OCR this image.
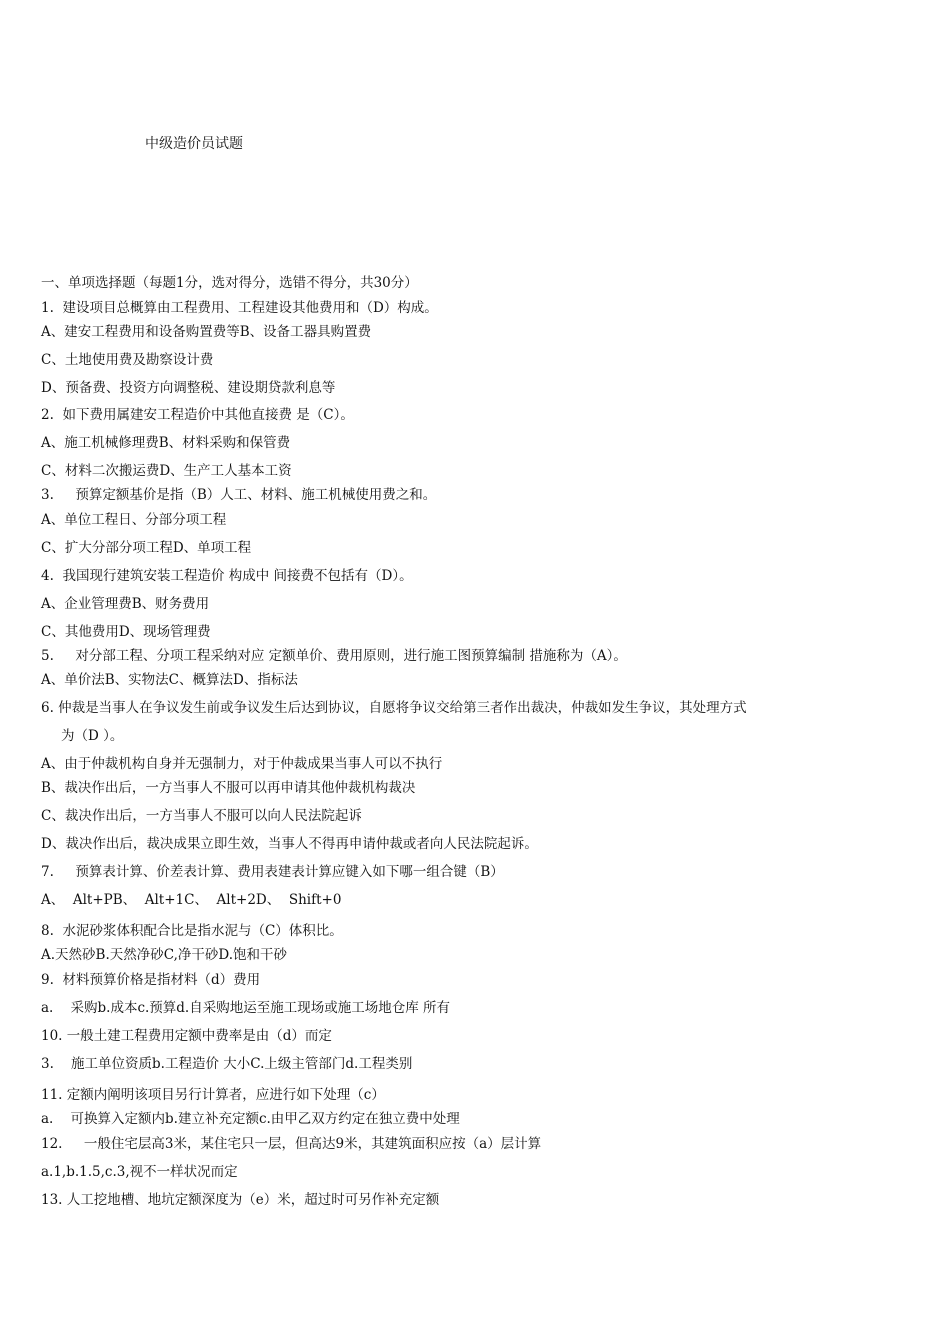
中级造价员试题
一、单项选择题（每题1分，选对得分，选错不得分，共30分）
1.  建设项目总概算由工程费用、工程建设其他费用和（D）构成。
A、建安工程费用和设备购置费等B、设备工器具购置费
C、土地使用费及勘察设计费
D、预备费、投资方向调整税、建设期贷款利息等
2.  如下费用属建安工程造价中其他直接费 是（C）。
A、施工机械修理费B、材料采购和保管费
C、材料二次搬运费D、生产工人基本工资
3.     预算定额基价是指（B）人工、材料、施工机械使用费之和。
A、单位工程日、分部分项工程
C、扩大分部分项工程D、单项工程
4.  我国现行建筑安装工程造价 构成中 间接费不包括有（D）。
A、企业管理费B、财务费用
C、其他费用D、现场管理费
5.     对分部工程、分项工程采纳对应 定额单价、费用原则，进行施工图预算编制 措施称为（A）。
A、单价法B、实物法C、概算法D、指标法
6. 仲裁是当事人在争议发生前或争议发生后达到协议，自愿将争议交给第三者作出裁决，仲裁如发生争议，其处理方式
为（D ）。
A、由于仲裁机构自身并无强制力，对于仲裁成果当事人可以不执行
B、裁决作出后，一方当事人不服可以再申请其他仲裁机构裁决
C、裁决作出后，一方当事人不服可以向人民法院起诉
D、裁决作出后，裁决成果立即生效，当事人不得再申请仲裁或者向人民法院起诉。
7.     预算表计算、价差表计算、费用表建表计算应键入如下哪一组合键（B）
A、  Alt+PB、  Alt+1C、  Alt+2D、  Shift+0
8.  水泥砂浆体积配合比是指水泥与（C）体积比。
A.天然砂B.天然净砂C,净干砂D.饱和干砂
9.  材料预算价格是指材料（d）费用
a.    采购b.成本c.预算d.自采购地运至施工现场或施工场地仓库 所有
10. 一般土建工程费用定额中费率是由（d）而定
3.    施工单位资质b.工程造价 大小C.上级主管部门d.工程类别
11. 定额内阐明该项目另行计算者，应进行如下处理（c）
a.    可换算入定额内b.建立补充定额c.由甲乙双方约定在独立费中处理
12.     一般住宅层高3米，某住宅只一层，但高达9米，其建筑面积应按（a）层计算
a.1,b.1.5,c.3,视不一样状况而定
13. 人工挖地槽、地坑定额深度为（e）米，超过时可另作补充定额
